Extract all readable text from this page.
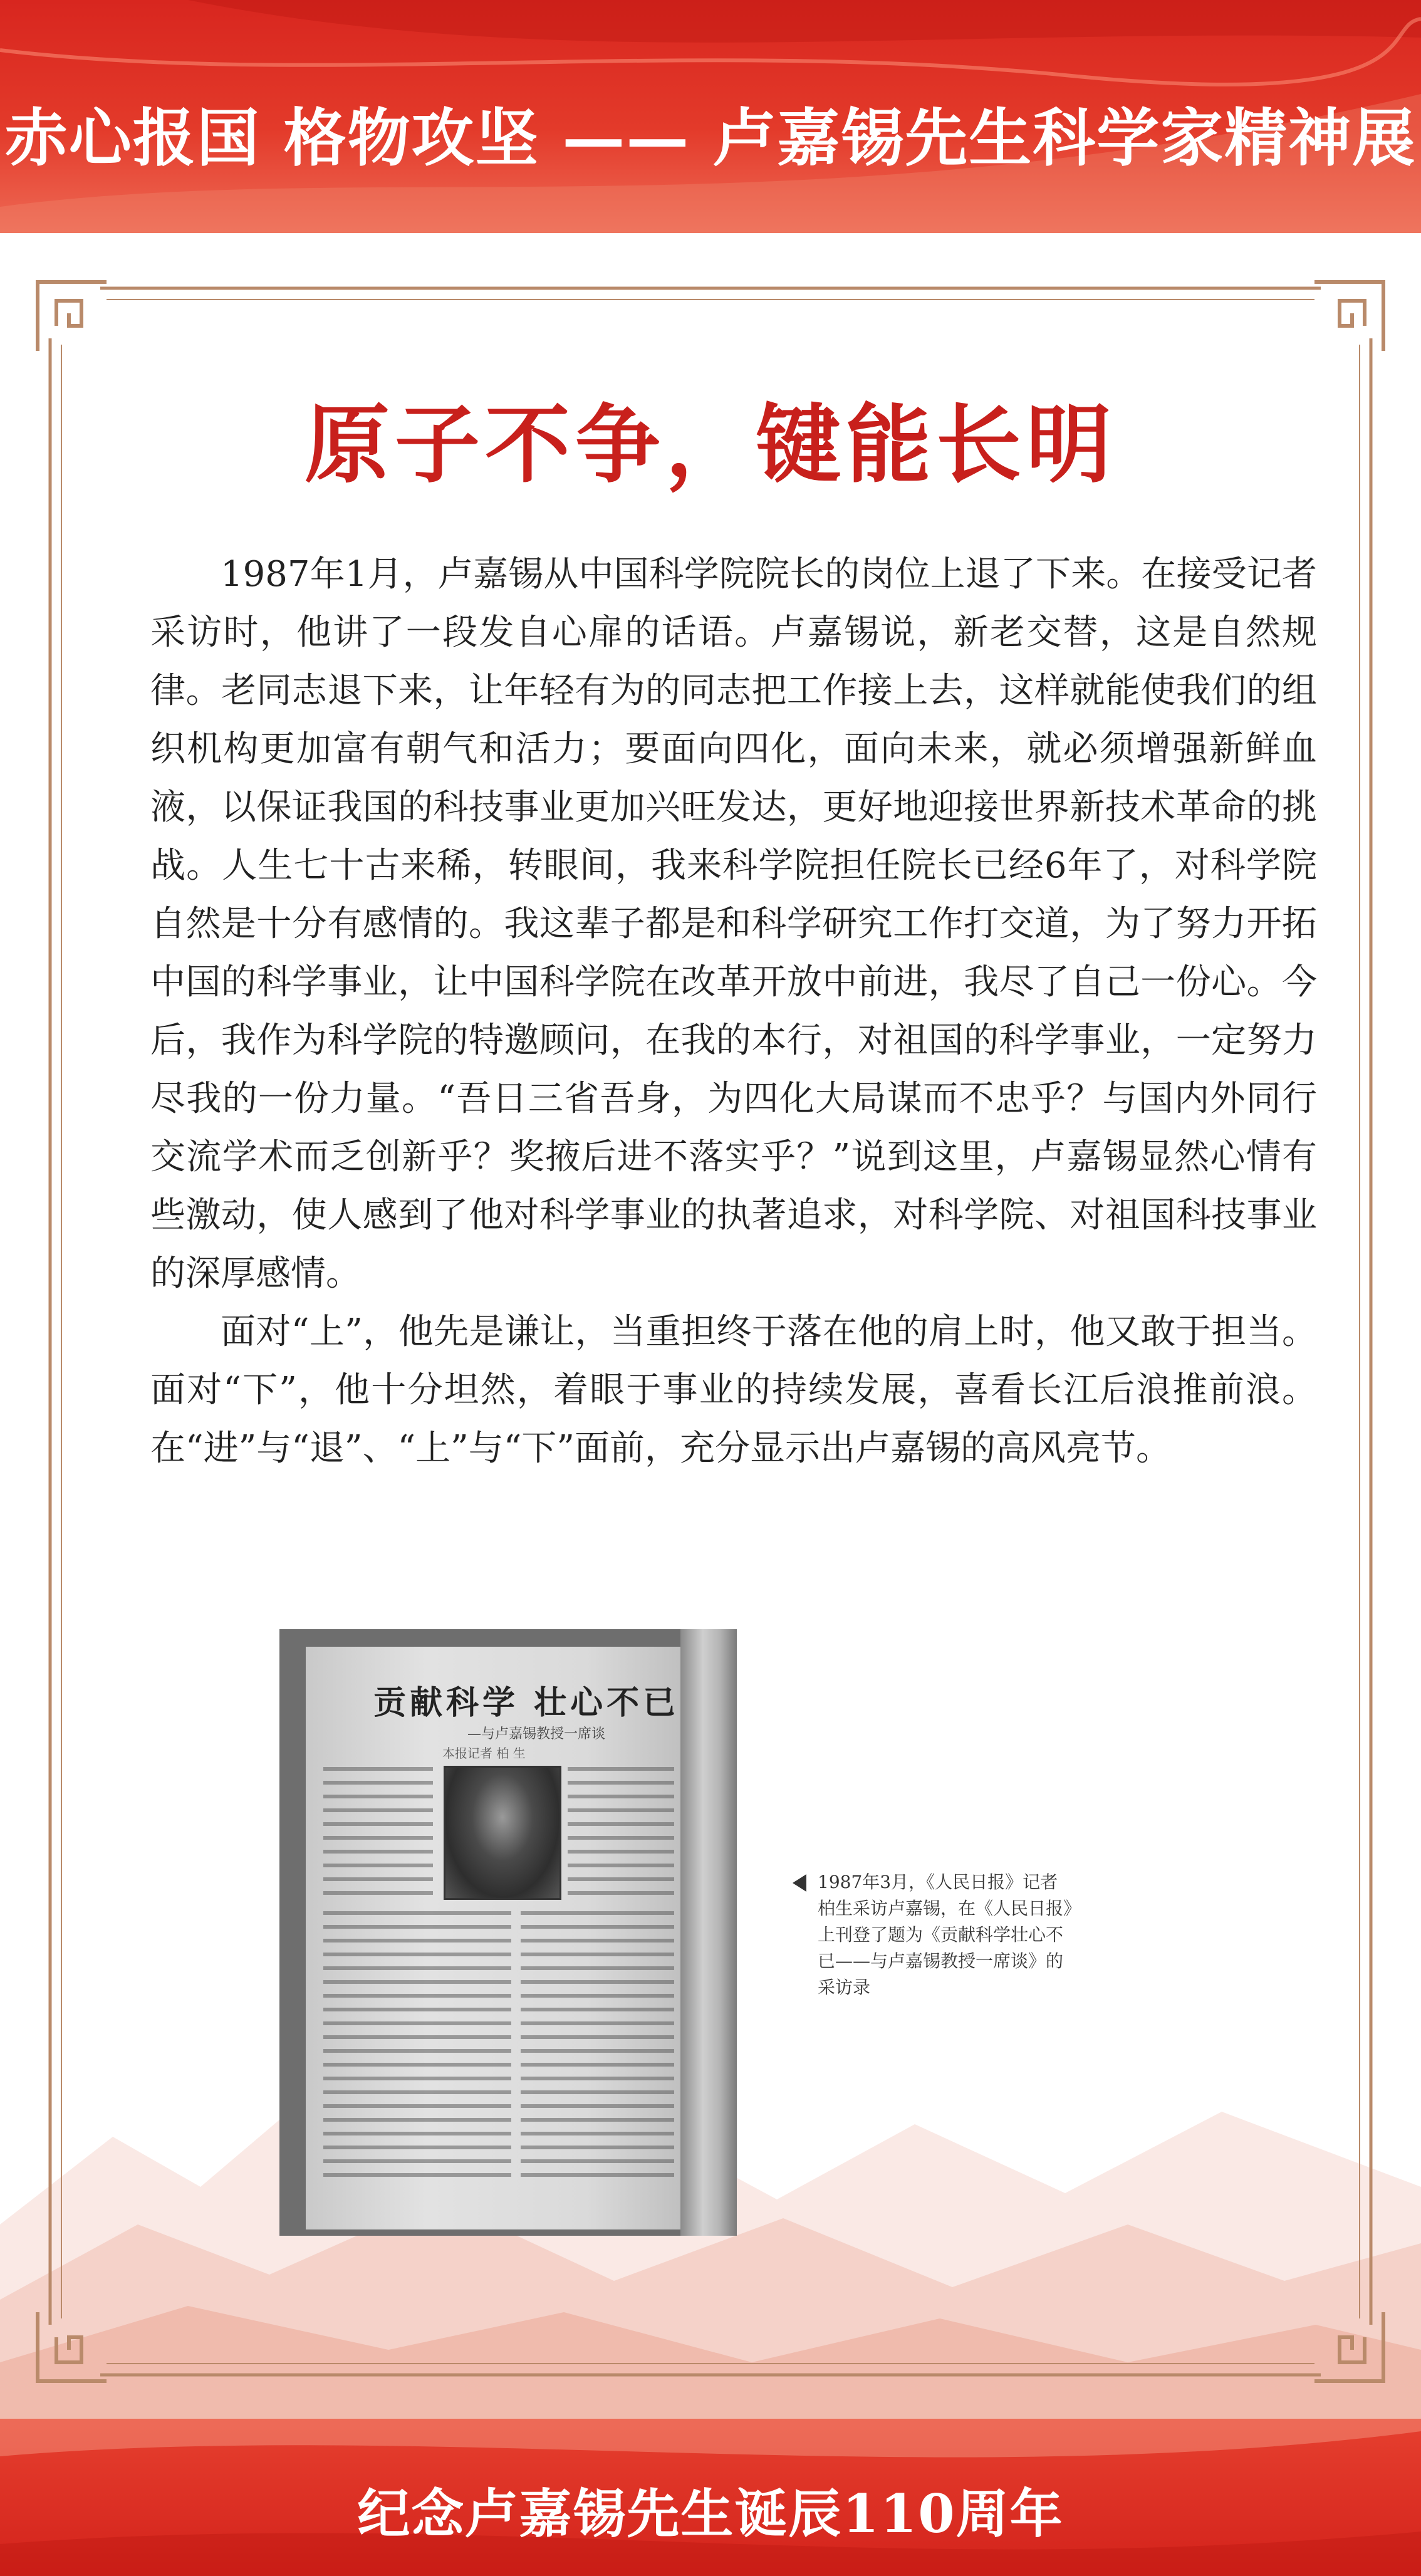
赤心报国 格物攻坚 —— 卢嘉锡先生科学家精神展
纪念卢嘉锡先生诞辰110周年
原子不争，键能长明

1987年1月，卢嘉锡从中国科学院院长的岗位上退了下来。在接受记者采访时，他讲了一段发自心扉的话语。卢嘉锡说，新老交替，这是自然规律。老同志退下来，让年轻有为的同志把工作接上去，这样就能使我们的组织机构更加富有朝气和活力；要面向四化，面向未来，就必须增强新鲜血液，以保证我国的科技事业更加兴旺发达，更好地迎接世界新技术革命的挑战。人生七十古来稀，转眼间，我来科学院担任院长已经6年了，对科学院自然是十分有感情的。我这辈子都是和科学研究工作打交道，为了努力开拓中国的科学事业，让中国科学院在改革开放中前进，我尽了自己一份心。今后，我作为科学院的特邀顾问，在我的本行，对祖国的科学事业，一定努力尽我的一份力量。“吾日三省吾身，为四化大局谋而不忠乎？与国内外同行交流学术而乏创新乎？奖掖后进不落实乎？”说到这里，卢嘉锡显然心情有些激动，使人感到了他对科学事业的执著追求，对科学院、对祖国科技事业的深厚感情。

面对“上”，他先是谦让，当重担终于落在他的肩上时，他又敢于担当。面对“下”，他十分坦然，着眼于事业的持续发展，喜看长江后浪推前浪。在“进”与“退”、“上”与“下”面前，充分显示出卢嘉锡的高风亮节。

贡献科学 壮心不已
—与卢嘉锡教授一席谈
本报记者 柏 生
1987年3月，《人民日报》记者柏生采访卢嘉锡，在《人民日报》上刊登了题为《贡献科学壮心不已——与卢嘉锡教授一席谈》的采访录
